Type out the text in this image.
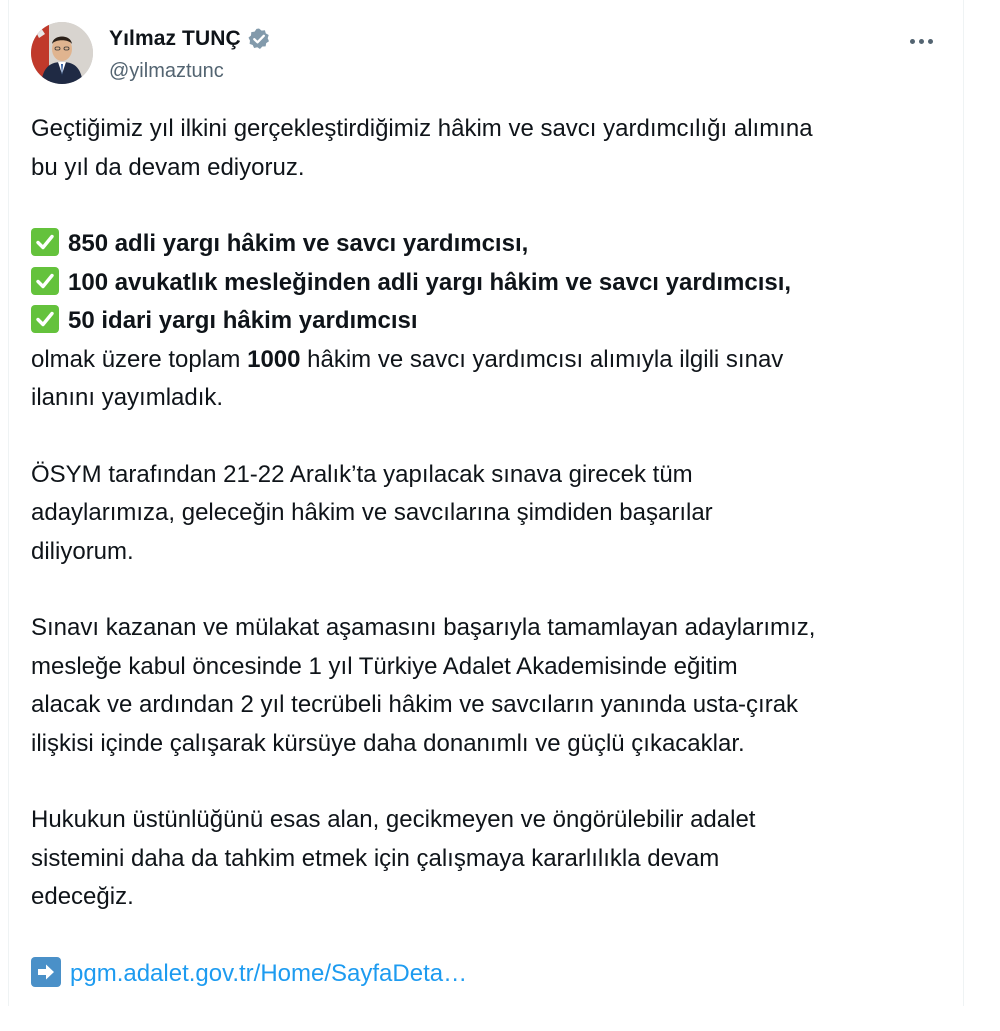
Yılmaz TUNÇ
@yilmaztunc
Geçtiğimiz yıl ilkini gerçekleştirdiğimiz hâkim ve savcı yardımcılığı alımına
bu yıl da devam ediyoruz.
850 adli yargı hâkim ve savcı yardımcısı,
100 avukatlık mesleğinden adli yargı hâkim ve savcı yardımcısı,
50 idari yargı hâkim yardımcısı
olmak üzere toplam 1000 hâkim ve savcı yardımcısı alımıyla ilgili sınav
ilanını yayımladık.
ÖSYM tarafından 21-22 Aralık’ta yapılacak sınava girecek tüm
adaylarımıza, geleceğin hâkim ve savcılarına şimdiden başarılar
diliyorum.
Sınavı kazanan ve mülakat aşamasını başarıyla tamamlayan adaylarımız,
mesleğe kabul öncesinde 1 yıl Türkiye Adalet Akademisinde eğitim
alacak ve ardından 2 yıl tecrübeli hâkim ve savcıların yanında usta-çırak
ilişkisi içinde çalışarak kürsüye daha donanımlı ve güçlü çıkacaklar.
Hukukun üstünlüğünü esas alan, gecikmeyen ve öngörülebilir adalet
sistemini daha da tahkim etmek için çalışmaya kararlılıkla devam
edeceğiz.
pgm.adalet.gov.tr/Home/SayfaDeta…
